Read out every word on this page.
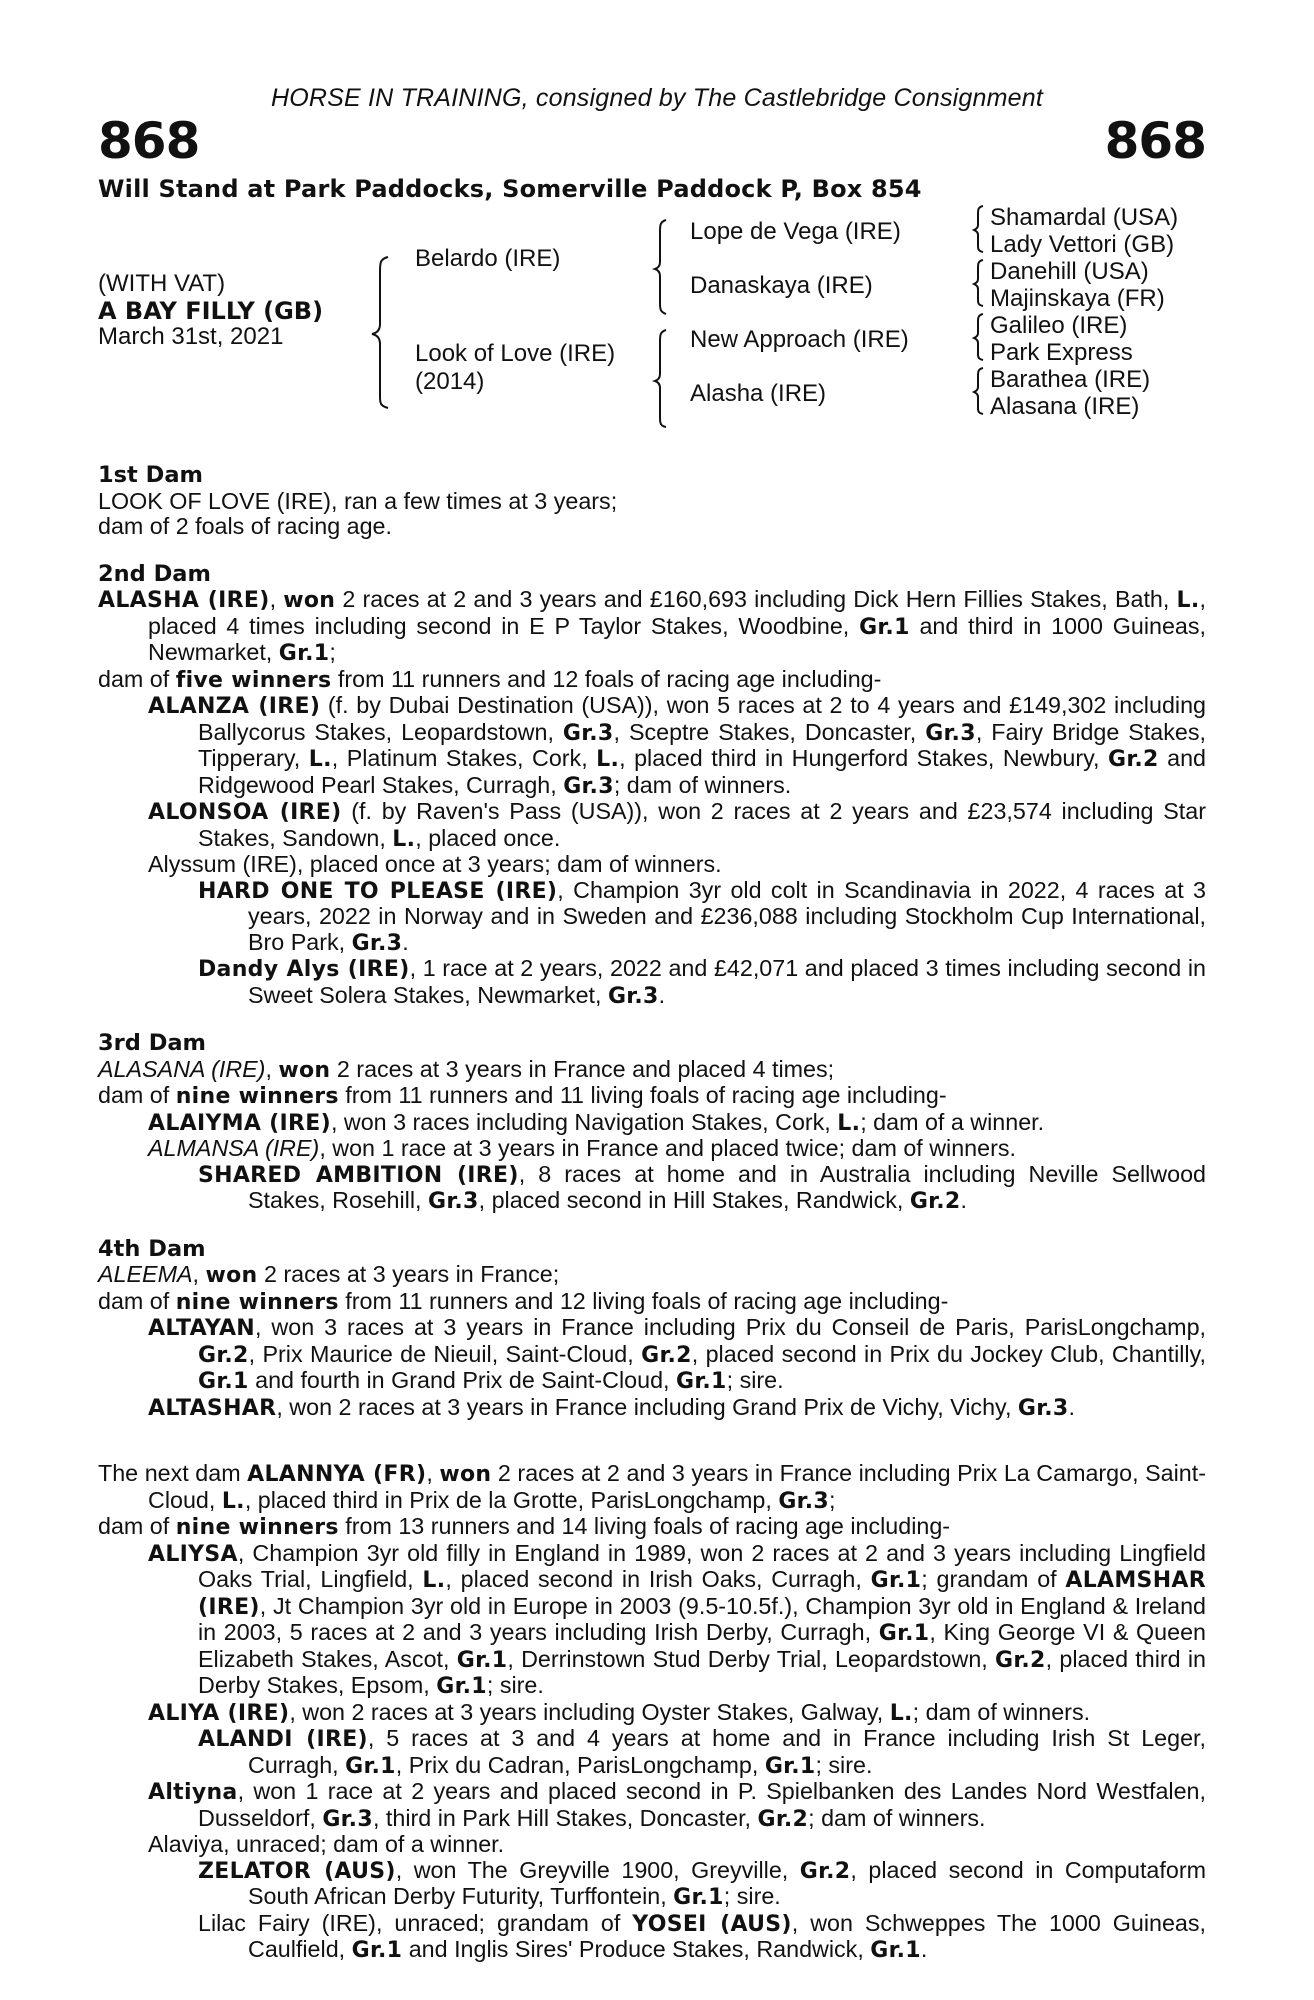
HORSE IN TRAINING, consigned by The Castlebridge Consignment
868	868
Will Stand at Park Paddocks, Somerville Paddock P, Box 854
(WITH VAT)
A BAY FILLY (GB)
March 31st, 2021
Belardo (IRE)
Look of Love (IRE)
(2014)
Lope de Vega (IRE)
Danaskaya (IRE)
New Approach (IRE)
Alasha (IRE)
Shamardal (USA)
Lady Vettori (GB)
Danehill (USA)
Majinskaya (FR)
Galileo (IRE)
Park Express
Barathea (IRE)
Alasana (IRE)
1st Dam
LOOK OF LOVE (IRE), ran a few times at 3 years;
dam of 2 foals of racing age.
2nd Dam
ALASHA (IRE), won 2 races at 2 and 3 years and £160,693 including Dick Hern Fillies Stakes, Bath, L., placed 4 times including second in E P Taylor Stakes, Woodbine, Gr.1 and third in 1000 Guineas, Newmarket, Gr.1;
dam of five winners from 11 runners and 12 foals of racing age including-
ALANZA (IRE) (f. by Dubai Destination (USA)), won 5 races at 2 to 4 years and £149,302 including Ballycorus Stakes, Leopardstown, Gr.3, Sceptre Stakes, Doncaster, Gr.3, Fairy Bridge Stakes, Tipperary, L., Platinum Stakes, Cork, L., placed third in Hungerford Stakes, Newbury, Gr.2 and Ridgewood Pearl Stakes, Curragh, Gr.3; dam of winners.
ALONSOA (IRE) (f. by Raven's Pass (USA)), won 2 races at 2 years and £23,574 including Star Stakes, Sandown, L., placed once.
Alyssum (IRE), placed once at 3 years; dam of winners.
HARD ONE TO PLEASE (IRE), Champion 3yr old colt in Scandinavia in 2022, 4 races at 3 years, 2022 in Norway and in Sweden and £236,088 including Stockholm Cup International, Bro Park, Gr.3.
Dandy Alys (IRE), 1 race at 2 years, 2022 and £42,071 and placed 3 times including second in Sweet Solera Stakes, Newmarket, Gr.3.
3rd Dam
ALASANA (IRE), won 2 races at 3 years in France and placed 4 times;
dam of nine winners from 11 runners and 11 living foals of racing age including-
ALAIYMA (IRE), won 3 races including Navigation Stakes, Cork, L.; dam of a winner.
ALMANSA (IRE), won 1 race at 3 years in France and placed twice; dam of winners.
SHARED AMBITION (IRE), 8 races at home and in Australia including Neville Sellwood Stakes, Rosehill, Gr.3, placed second in Hill Stakes, Randwick, Gr.2.
4th Dam
ALEEMA, won 2 races at 3 years in France;
dam of nine winners from 11 runners and 12 living foals of racing age including-
ALTAYAN, won 3 races at 3 years in France including Prix du Conseil de Paris, ParisLongchamp, Gr.2, Prix Maurice de Nieuil, Saint-Cloud, Gr.2, placed second in Prix du Jockey Club, Chantilly, Gr.1 and fourth in Grand Prix de Saint-Cloud, Gr.1; sire.
ALTASHAR, won 2 races at 3 years in France including Grand Prix de Vichy, Vichy, Gr.3.
The next dam ALANNYA (FR), won 2 races at 2 and 3 years in France including Prix La Camargo, Saint-Cloud, L., placed third in Prix de la Grotte, ParisLongchamp, Gr.3;
dam of nine winners from 13 runners and 14 living foals of racing age including-
ALIYSA, Champion 3yr old filly in England in 1989, won 2 races at 2 and 3 years including Lingfield Oaks Trial, Lingfield, L., placed second in Irish Oaks, Curragh, Gr.1; grandam of ALAMSHAR (IRE), Jt Champion 3yr old in Europe in 2003 (9.5-10.5f.), Champion 3yr old in England & Ireland in 2003, 5 races at 2 and 3 years including Irish Derby, Curragh, Gr.1, King George VI & Queen Elizabeth Stakes, Ascot, Gr.1, Derrinstown Stud Derby Trial, Leopardstown, Gr.2, placed third in Derby Stakes, Epsom, Gr.1; sire.
ALIYA (IRE), won 2 races at 3 years including Oyster Stakes, Galway, L.; dam of winners.
ALANDI (IRE), 5 races at 3 and 4 years at home and in France including Irish St Leger, Curragh, Gr.1, Prix du Cadran, ParisLongchamp, Gr.1; sire.
Altiyna, won 1 race at 2 years and placed second in P. Spielbanken des Landes Nord Westfalen, Dusseldorf, Gr.3, third in Park Hill Stakes, Doncaster, Gr.2; dam of winners.
Alaviya, unraced; dam of a winner.
ZELATOR (AUS), won The Greyville 1900, Greyville, Gr.2, placed second in Computaform South African Derby Futurity, Turffontein, Gr.1; sire.
Lilac Fairy (IRE), unraced; grandam of YOSEI (AUS), won Schweppes The 1000 Guineas, Caulfield, Gr.1 and Inglis Sires' Produce Stakes, Randwick, Gr.1.
